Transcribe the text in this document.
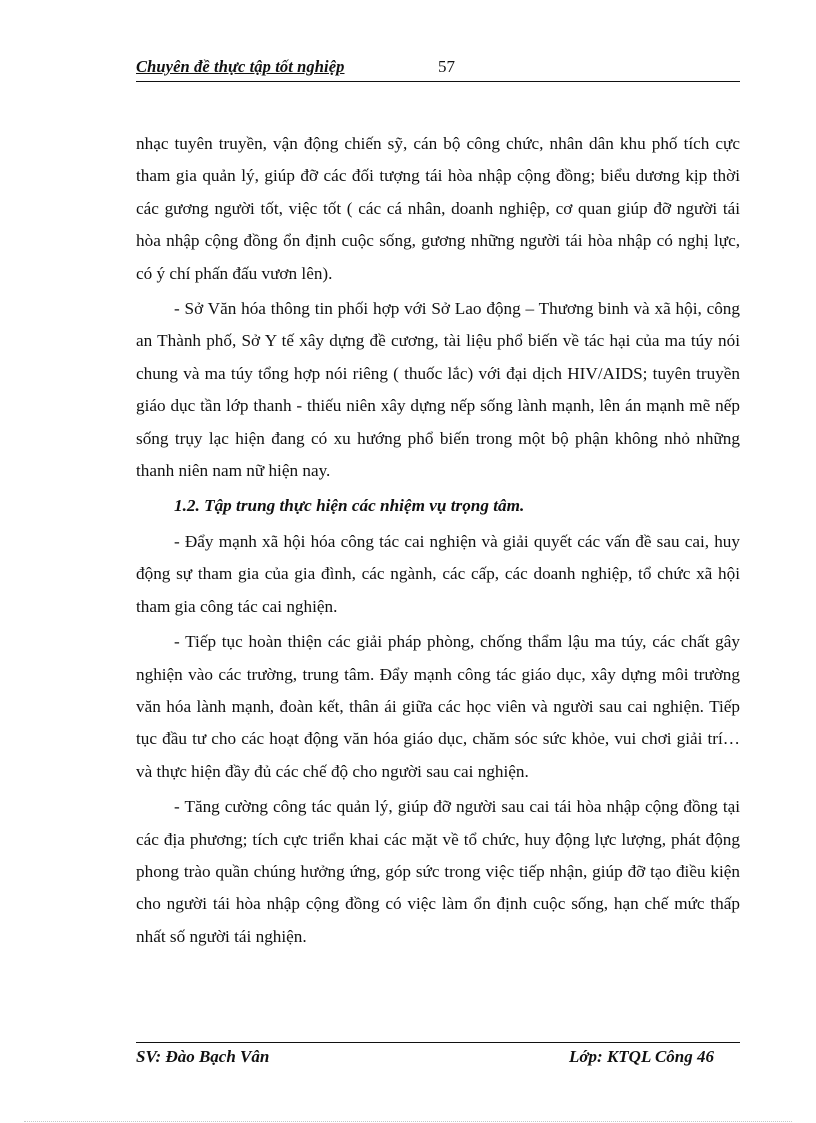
Chuyên đề thực tập tốt nghiệp	57

nhạc tuyên truyền, vận động chiến sỹ, cán bộ công chức, nhân dân khu phố tích cực tham gia quản lý, giúp đỡ các đối tượng tái hòa nhập cộng đồng; biểu dương kịp thời các gương người tốt, việc tốt ( các cá nhân, doanh nghiệp, cơ quan giúp đỡ người tái hòa nhập cộng đồng ổn định cuộc sống, gương những người tái hòa nhập có nghị lực, có ý chí phấn đấu vươn lên).

- Sở Văn hóa thông tin phối hợp với Sở Lao động – Thương binh và xã hội, công an Thành phố, Sở Y tế xây dựng đề cương, tài liệu phổ biến về tác hại của ma túy nói chung và ma túy tổng hợp nói riêng ( thuốc lắc) với đại dịch HIV/AIDS; tuyên truyền giáo dục tần lớp thanh - thiếu niên xây dựng nếp sống lành mạnh, lên án mạnh mẽ nếp sống trụy lạc hiện đang có xu hướng phổ biến trong một bộ phận không nhỏ những thanh niên nam nữ hiện nay.

1.2. Tập trung thực hiện các nhiệm vụ trọng tâm.

- Đẩy mạnh xã hội hóa công tác cai nghiện và giải quyết các vấn đề sau cai, huy động sự tham gia của gia đình, các ngành, các cấp, các doanh nghiệp, tổ chức xã hội tham gia công tác cai nghiện.

- Tiếp tục hoàn thiện các giải pháp phòng, chống thẩm lậu ma túy, các chất gây nghiện vào các trường, trung tâm. Đẩy mạnh công tác giáo dục, xây dựng môi trường văn hóa lành mạnh, đoàn kết, thân ái giữa các học viên và người sau cai nghiện. Tiếp tục đầu tư cho các hoạt động văn hóa giáo dục, chăm sóc sức khỏe, vui chơi giải trí… và thực hiện đầy đủ các chế độ cho người sau cai nghiện.

- Tăng cường công tác quản lý, giúp đỡ người sau cai tái hòa nhập cộng đồng tại các địa phương; tích cực triển khai các mặt về tổ chức, huy động lực lượng, phát động phong trào quần chúng hưởng ứng, góp sức trong việc tiếp nhận, giúp đỡ tạo điều kiện cho người tái hòa nhập cộng đồng có việc làm ổn định cuộc sống, hạn chế mức thấp nhất số người tái nghiện.

SV: Đào Bạch Vân	Lớp: KTQL Công 46
